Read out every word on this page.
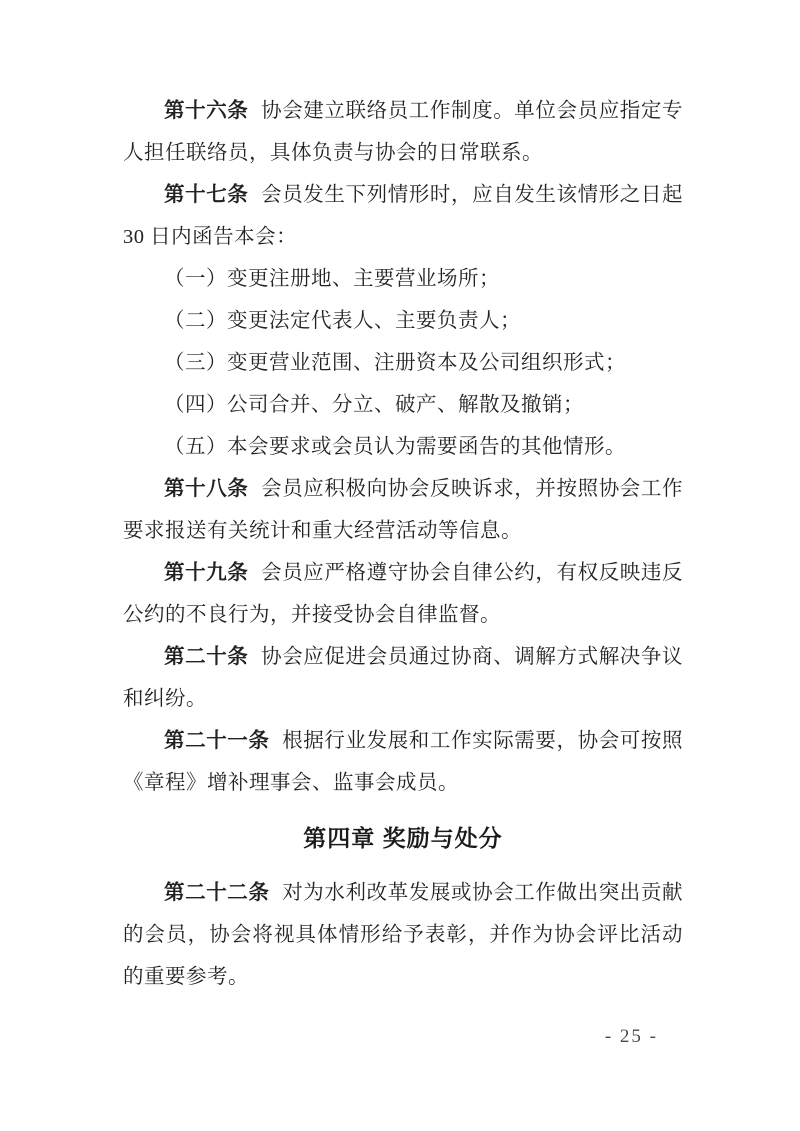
第十六条 协会建立联络员工作制度。单位会员应指定专人担任联络员，具体负责与协会的日常联系。

第十七条 会员发生下列情形时，应自发生该情形之日起 30 日内函告本会：

（一）变更注册地、主要营业场所；

（二）变更法定代表人、主要负责人；

（三）变更营业范围、注册资本及公司组织形式；

（四）公司合并、分立、破产、解散及撤销；

（五）本会要求或会员认为需要函告的其他情形。

第十八条 会员应积极向协会反映诉求，并按照协会工作要求报送有关统计和重大经营活动等信息。

第十九条 会员应严格遵守协会自律公约，有权反映违反公约的不良行为，并接受协会自律监督。

第二十条 协会应促进会员通过协商、调解方式解决争议和纠纷。

第二十一条 根据行业发展和工作实际需要，协会可按照《章程》增补理事会、监事会成员。

第四章 奖励与处分

第二十二条 对为水利改革发展或协会工作做出突出贡献的会员，协会将视具体情形给予表彰，并作为协会评比活动的重要参考。

- 25 -
